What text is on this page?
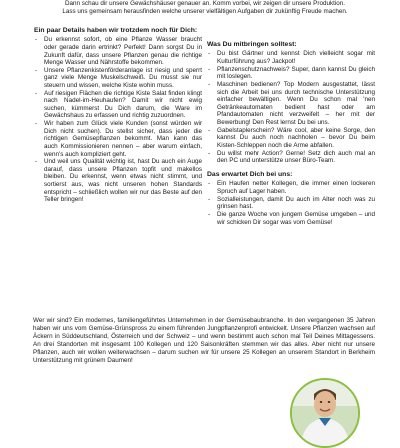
Dann schau dir unsere Gewächshäuser genauer an. Komm vorbei, wir zeigen dir unsere Produktion.
Lass uns gemeinsam herausfinden welche unserer vielfältigen Aufgaben dir zukünftig Freude machen.
Ein paar Details haben wir trotzdem noch für Dich:
- Du erkennst sofort, ob eine Pflanze Wasser braucht oder gerade darin ertrinkt? Perfekt! Dann sorgst Du in Zukunft dafür, dass unsere Pflanzen genau die richtige Menge Wasser und Nährstoffe bekommen.
- Unsere Pflanzenkistenförderanlage ist riesig und sperrt ganz viele Menge Muskelschweiß. Du musst sie nur steuern und wissen, welche Kiste wohin muss.
- Auf riesigen Flächen die richtige Kiste Salat finden klingt nach Nadel-im-Heuhaufen? Damit wir nicht ewig suchen, kümmerst Du Dich darum, die Ware im Gewächshaus zu erfassen und richtig zuzuordnen.
- Wir haben zum Glück viele Kunden (sonst würden wir Dich nicht suchen). Du stellst sicher, dass jeder die richtigen Gemüsepflanzen bekommt. Man kann das auch Kommissionieren nennen – aber warum einfach, wenn's auch kompliziert geht.
- Und weil uns Qualität wichtig ist, hast Du auch ein Auge darauf, dass unsere Pflanzen topfit und makellos bleiben. Du erkennst, wenn etwas nicht stimmt, und sortierst aus, was nicht unseren hohen Standards entspricht – schließlich wollen wir nur das Beste auf den Teller bringen!
Was Du mitbringen solltest:
- Du bist Gärtner und kennst Dich vielleicht sogar mit Kulturführung aus? Jackpot!
- Pflanzenschutznachweis? Super, dann kannst Du gleich mit loslegen.
- Maschinen bedienen? Top Modern ausgestattet, lässt sich die Arbeit bei uns durch technische Unterstützung einfacher bewältigen. Wenn Du schon mal 'nen Getränkeautomaten bedient hast oder am Pfandautomaten nicht verzweifelt – her mit der Bewerbung! Den Rest lernst Du bei uns.
- Gabelstaplerschein? Wäre cool, aber keine Sorge, den kannst Du auch noch nachholen – bevor Du beim Kisten-Schleppen noch die Arme abfallen.
- Du willst mehr Action? Gerne! Setz dich auch mal an den PC und unterstütze unser Büro-Team.
Das erwartet Dich bei uns:
- Ein Haufen netter Kollegen, die immer einen lockeren Spruch auf Lager haben.
- Sozialleistungen, damit Du auch im Alter noch was zu grinsen hast.
- Die ganze Woche von jungem Gemüse umgeben – und wir schicken Dir sogar was vom Gemüse!
Wer wir sind? Ein modernes, familiengeführtes Unternehmen in der Gemüsebaubranche. In den vergangenen 35 Jahren haben wir uns vom Gemüse-Grünspross zu einem führenden Jungpflanzenprofi entwickelt. Unsere Pflanzen wachsen auf Äckern in Süddeutschland, Österreich und der Schweiz – und wenn bestimmt auch schon mal Teil Deines Mittagessens. An drei Standorten mit insgesamt 100 Kollegen und 120 Saisonkräften stemmen wir das alles. Aber nicht nur unsere Pflanzen, auch wir wollen weiterwachsen – darum suchen wir für unsere 25 Kollegen an unserem Standort in Berkheim Unterstützung mit grünem Daumen!
